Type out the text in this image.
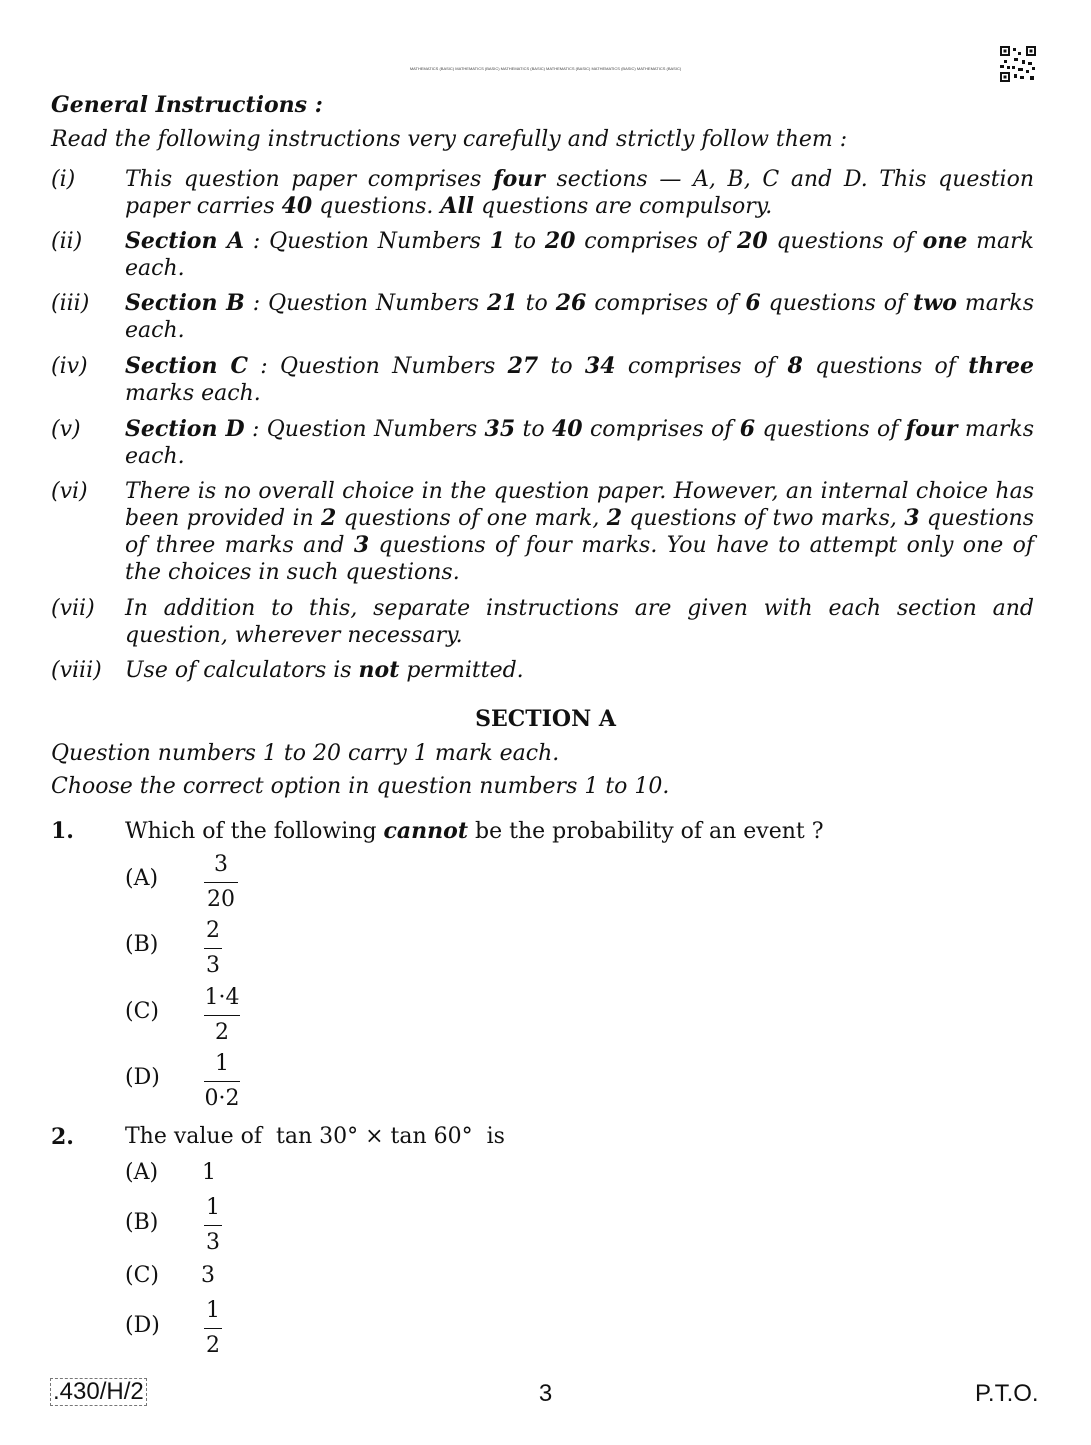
MATHEMATICS (BASIC) MATHEMATICS (BASIC) MATHEMATICS (BASIC) MATHEMATICS (BASIC) MATHEMATICS (BASIC) MATHEMATICS (BASIC)
General Instructions :
Read the following instructions very carefully and strictly follow them :
(i) This question paper comprises four sections — A, B, C and D. This question paper carries 40 questions. All questions are compulsory.
(ii) Section A : Question Numbers 1 to 20 comprises of 20 questions of one mark each.
(iii) Section B : Question Numbers 21 to 26 comprises of 6 questions of two marks each.
(iv) Section C : Question Numbers 27 to 34 comprises of 8 questions of three marks each.
(v) Section D : Question Numbers 35 to 40 comprises of 6 questions of four marks each.
(vi) There is no overall choice in the question paper. However, an internal choice has been provided in 2 questions of one mark, 2 questions of two marks, 3 questions of three marks and 3 questions of four marks. You have to attempt only one of the choices in such questions.
(vii) In addition to this, separate instructions are given with each section and question, wherever necessary.
(viii) Use of calculators is not permitted.
SECTION A
Question numbers 1 to 20 carry 1 mark each.
Choose the correct option in question numbers 1 to 10.
1. Which of the following cannot be the probability of an event ?
(A)
3
20
(B)
2
3
(C)
1·4
2
(D)
1
0·2
2. The value of  tan 30° × tan 60°  is
(A) 1
(B)
1
3
(C) 3
(D)
1
2
.430/H/2	3	P.T.O.
